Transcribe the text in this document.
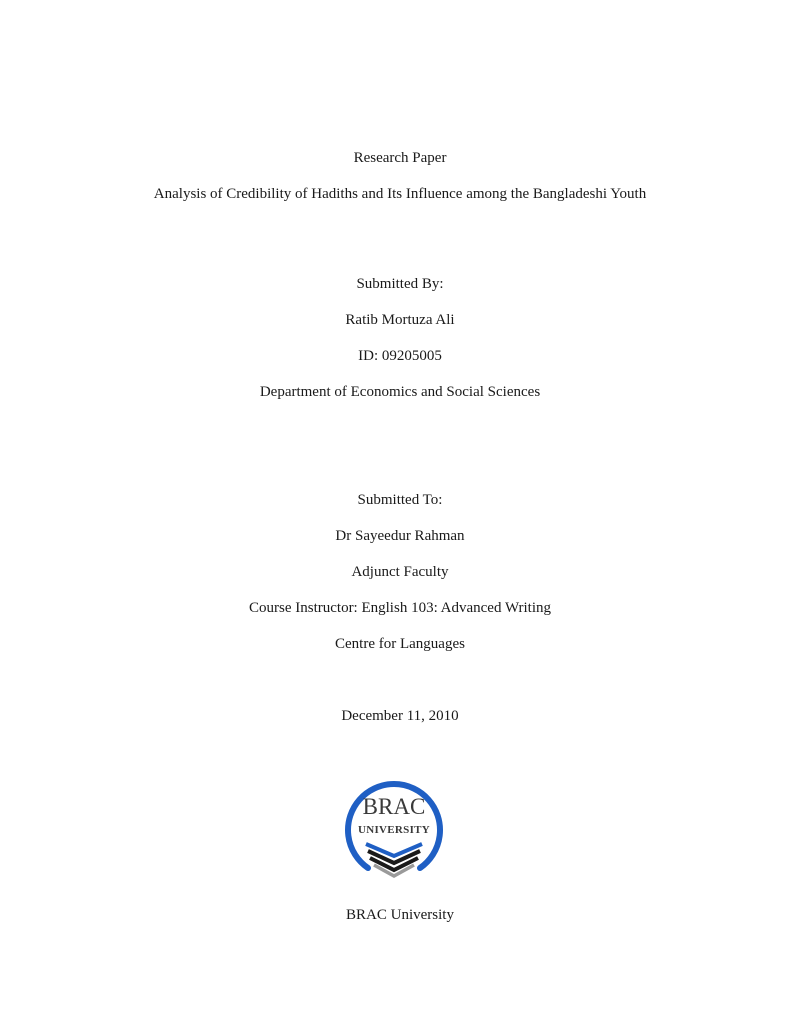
Research Paper
Analysis of Credibility of Hadiths and Its Influence among the Bangladeshi Youth
Submitted By:
Ratib Mortuza Ali
ID: 09205005
Department of Economics and Social Sciences
Submitted To:
Dr Sayeedur Rahman
Adjunct Faculty
Course Instructor: English 103: Advanced Writing
Centre for Languages
December 11, 2010
BRAC
UNIVERSITY
BRAC University
